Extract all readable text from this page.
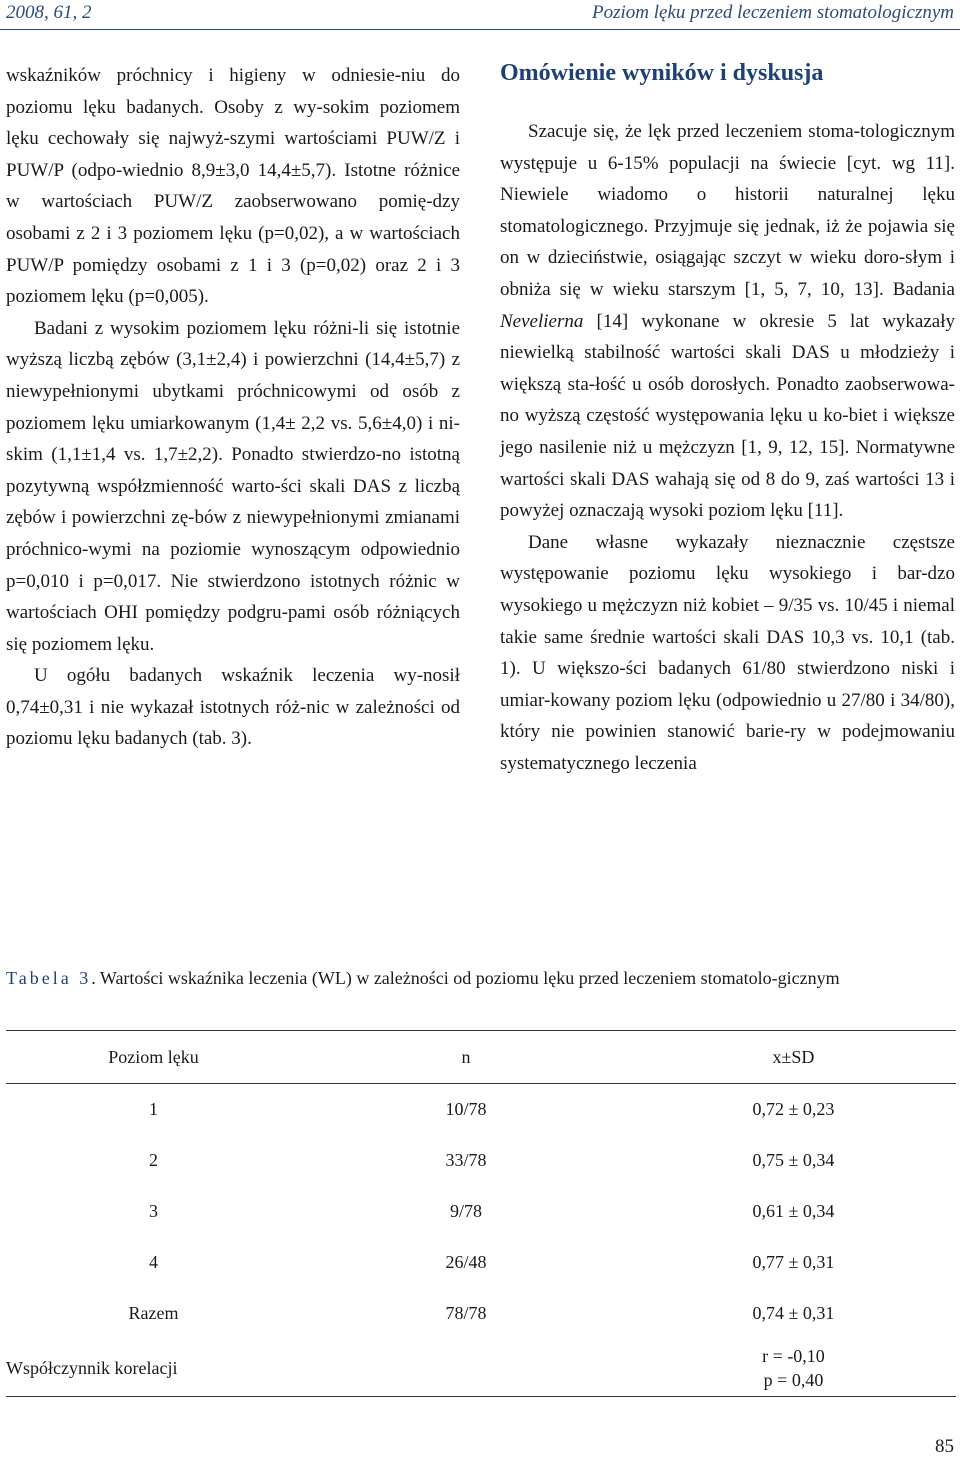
2008, 61, 2	Poziom lęku przed leczeniem stomatologicznym

wskaźników próchnicy i higieny w odniesie-niu do poziomu lęku badanych. Osoby z wy-sokim poziomem lęku cechowały się najwyż-szymi wartościami PUW/Z i PUW/P (odpo-wiednio 8,9±3,0 14,4±5,7). Istotne różnice w wartościach PUW/Z zaobserwowano pomię-dzy osobami z 2 i 3 poziomem lęku (p=0,02), a w wartościach PUW/P pomiędzy osobami z 1 i 3 (p=0,02) oraz 2 i 3 poziomem lęku (p=0,005).

Badani z wysokim poziomem lęku różni-li się istotnie wyższą liczbą zębów (3,1±2,4) i powierzchni (14,4±5,7) z niewypełnionymi ubytkami próchnicowymi od osób z poziomem lęku umiarkowanym (1,4± 2,2 vs. 5,6±4,0) i ni-skim (1,1±1,4 vs. 1,7±2,2). Ponadto stwierdzo-no istotną pozytywną współzmienność warto-ści skali DAS z liczbą zębów i powierzchni zę-bów z niewypełnionymi zmianami próchnico-wymi na poziomie wynoszącym odpowiednio p=0,010 i p=0,017. Nie stwierdzono istotnych różnic w wartościach OHI pomiędzy podgru-pami osób różniących się poziomem lęku.

U ogółu badanych wskaźnik leczenia wy-nosił 0,74±0,31 i nie wykazał istotnych róż-nic w zależności od poziomu lęku badanych (tab. 3).

Omówienie wyników i dyskusja

Szacuje się, że lęk przed leczeniem stoma-tologicznym występuje u 6-15% populacji na świecie [cyt. wg 11]. Niewiele wiadomo o historii naturalnej lęku stomatologicznego. Przyjmuje się jednak, iż że pojawia się on w dzieciństwie, osiągając szczyt w wieku doro-słym i obniża się w wieku starszym [1, 5, 7, 10, 13]. Badania Nevelierna [14] wykonane w okresie 5 lat wykazały niewielką stabilność wartości skali DAS u młodzieży i większą sta-łość u osób dorosłych. Ponadto zaobserwowa-no wyższą częstość występowania lęku u ko-biet i większe jego nasilenie niż u mężczyzn [1, 9, 12, 15]. Normatywne wartości skali DAS wahają się od 8 do 9, zaś wartości 13 i powyżej oznaczają wysoki poziom lęku [11].

Dane własne wykazały nieznacznie częstsze występowanie poziomu lęku wysokiego i bar-dzo wysokiego u mężczyzn niż kobiet – 9/35 vs. 10/45 i niemal takie same średnie wartości skali DAS 10,3 vs. 10,1 (tab. 1). U większo-ści badanych 61/80 stwierdzono niski i umiar-kowany poziom lęku (odpowiednio u 27/80 i 34/80), który nie powinien stanowić barie-ry w podejmowaniu systematycznego leczenia

Tabela 3. Wartości wskaźnika leczenia (WL) w zależności od poziomu lęku przed leczeniem stomatolo-gicznym
Poziom lęku	n	x±SD
1	10/78	0,72 ± 0,23
2	33/78	0,75 ± 0,34
3	9/78	0,61 ± 0,34
4	26/48	0,77 ± 0,31
Razem	78/78	0,74 ± 0,31
Współczynnik korelacji		r = -0,10
p = 0,40
85
